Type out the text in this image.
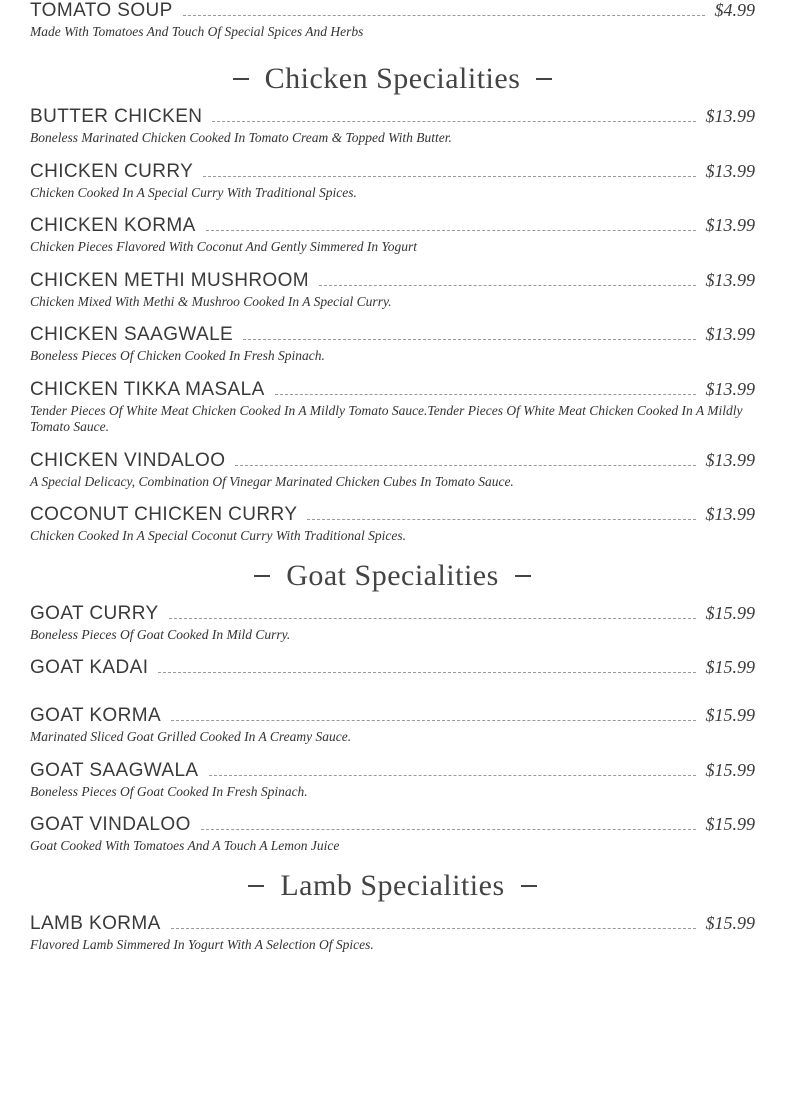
TOMATO SOUP	$4.99
Made With Tomatoes And Touch Of Special Spices And Herbs
Chicken Specialities
BUTTER CHICKEN	$13.99
Boneless Marinated Chicken Cooked In Tomato Cream & Topped With Butter.
CHICKEN CURRY	$13.99
Chicken Cooked In A Special Curry With Traditional Spices.
CHICKEN KORMA	$13.99
Chicken Pieces Flavored With Coconut And Gently Simmered In Yogurt
CHICKEN METHI MUSHROOM	$13.99
Chicken Mixed With Methi & Mushroo Cooked In A Special Curry.
CHICKEN SAAGWALE	$13.99
Boneless Pieces Of Chicken Cooked In Fresh Spinach.
CHICKEN TIKKA MASALA	$13.99
Tender Pieces Of White Meat Chicken Cooked In A Mildly Tomato Sauce.Tender Pieces Of White Meat Chicken Cooked In A Mildly Tomato Sauce.
CHICKEN VINDALOO	$13.99
A Special Delicacy, Combination Of Vinegar Marinated Chicken Cubes In Tomato Sauce.
COCONUT CHICKEN CURRY	$13.99
Chicken Cooked In A Special Coconut Curry With Traditional Spices.
Goat Specialities
GOAT CURRY	$15.99
Boneless Pieces Of Goat Cooked In Mild Curry.
GOAT KADAI	$15.99
GOAT KORMA	$15.99
Marinated Sliced Goat Grilled Cooked In A Creamy Sauce.
GOAT SAAGWALA	$15.99
Boneless Pieces Of Goat Cooked In Fresh Spinach.
GOAT VINDALOO	$15.99
Goat Cooked With Tomatoes And A Touch A Lemon Juice
Lamb Specialities
LAMB KORMA	$15.99
Flavored Lamb Simmered In Yogurt With A Selection Of Spices.
